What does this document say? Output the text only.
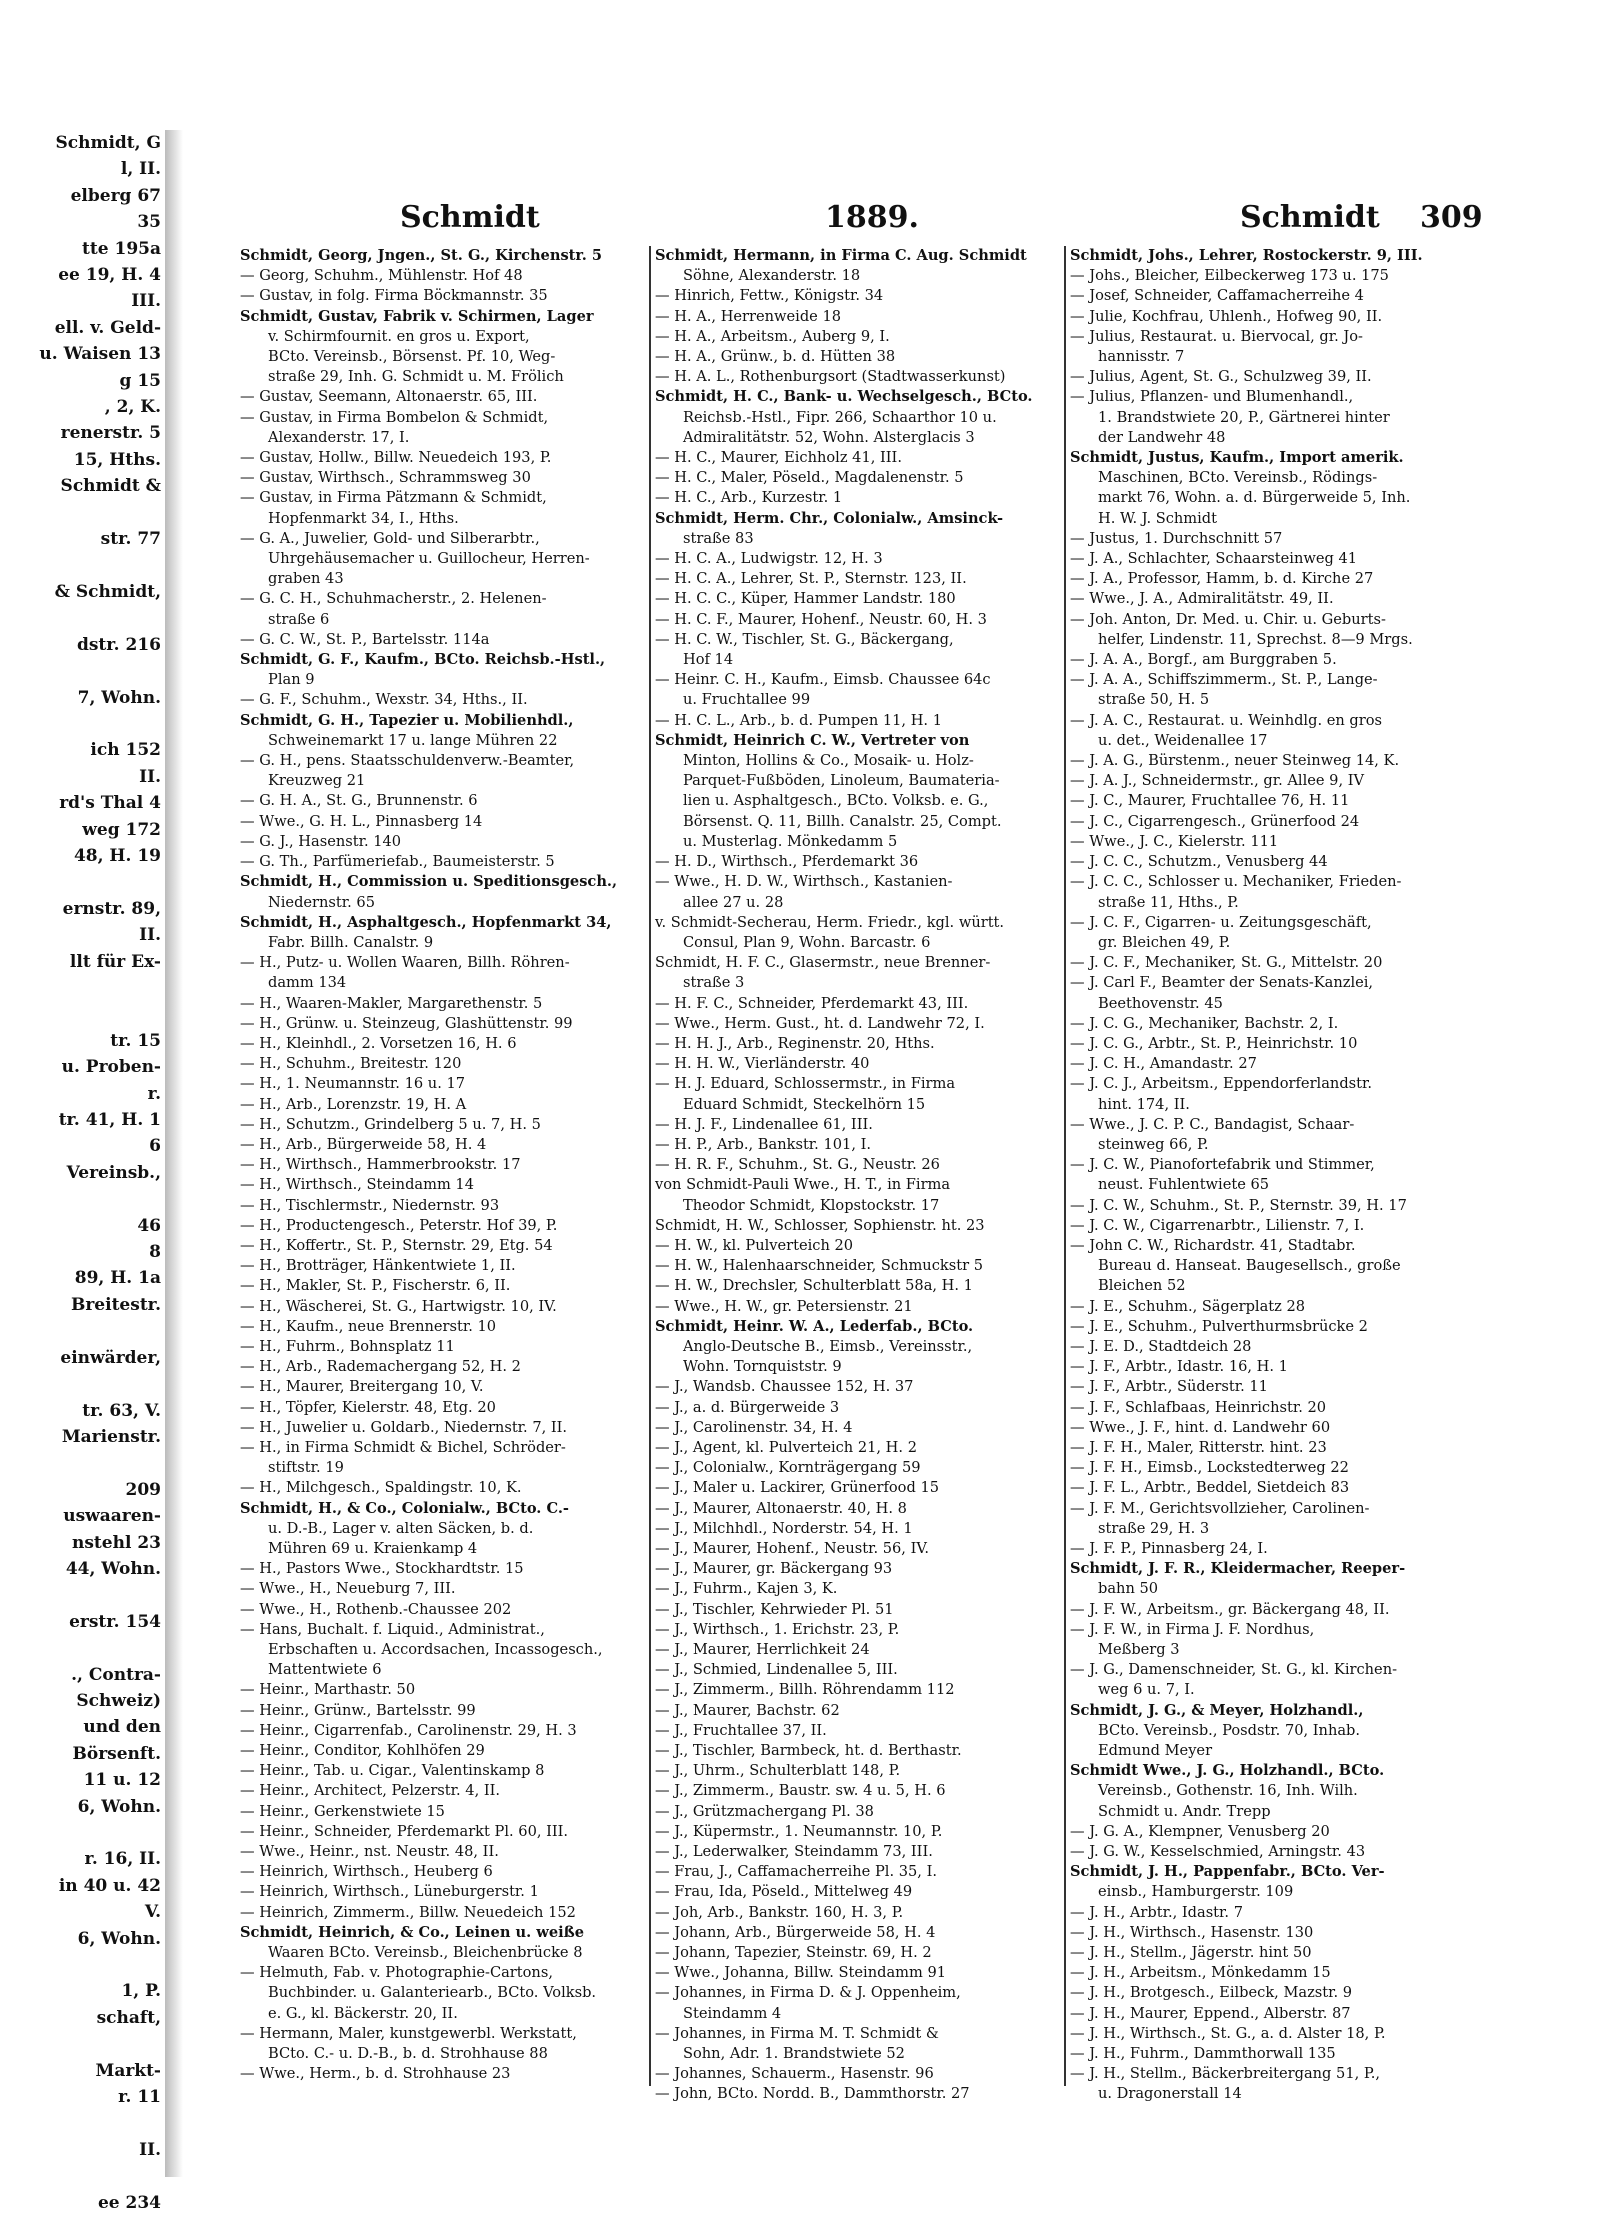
Schmidt, G
l, II.
elberg 67
35
tte 195a
ee 19, H. 4
III.
ell. v. Geld-
u. Waisen 13
g 15
, 2, K.
renerstr. 5
15, Hths.
Schmidt &

str. 77

& Schmidt,

dstr. 216

7, Wohn.

ich 152
II.
rd's Thal 4
weg 172
48, H. 19

ernstr. 89,
II.
llt für Ex-

tr. 15
u. Proben-
r.
tr. 41, H. 1
6
Vereinsb.,

46
8
89, H. 1a
Breitestr.

einwärder,

tr. 63, V.
Marienstr.

209
uswaaren-
nstehl 23
44, Wohn.

erstr. 154

., Contra-
Schweiz)
und den
Börsenft.
11 u. 12
6, Wohn.

r. 16, II.
in 40 u. 42
V.
6, Wohn.

1, P.
schaft,

Markt-
r. 11

II.

ee 234
Schmidt	1889.	Schmidt 309
Schmidt, Georg, Jngen., St. G., Kirchenstr. 5
— Georg, Schuhm., Mühlenstr. Hof 48
— Gustav, in folg. Firma Böckmannstr. 35
Schmidt, Gustav, Fabrik v. Schirmen, Lager
v. Schirmfournit. en gros u. Export,
BCto. Vereinsb., Börsenst. Pf. 10, Weg-
straße 29, Inh. G. Schmidt u. M. Frölich
— Gustav, Seemann, Altonaerstr. 65, III.
— Gustav, in Firma Bombelon & Schmidt,
Alexanderstr. 17, I.
— Gustav, Hollw., Billw. Neuedeich 193, P.
— Gustav, Wirthsch., Schrammsweg 30
— Gustav, in Firma Pätzmann & Schmidt,
Hopfenmarkt 34, I., Hths.
— G. A., Juwelier, Gold- und Silberarbtr.,
Uhrgehäusemacher u. Guillocheur, Herren-
graben 43
— G. C. H., Schuhmacherstr., 2. Helenen-
straße 6
— G. C. W., St. P., Bartelsstr. 114a
Schmidt, G. F., Kaufm., BCto. Reichsb.-Hstl.,
Plan 9
— G. F., Schuhm., Wexstr. 34, Hths., II.
Schmidt, G. H., Tapezier u. Mobilienhdl.,
Schweinemarkt 17 u. lange Mühren 22
— G. H., pens. Staatsschuldenverw.-Beamter,
Kreuzweg 21
— G. H. A., St. G., Brunnenstr. 6
— Wwe., G. H. L., Pinnasberg 14
— G. J., Hasenstr. 140
— G. Th., Parfümeriefab., Baumeisterstr. 5
Schmidt, H., Commission u. Speditionsgesch.,
Niedernstr. 65
Schmidt, H., Asphaltgesch., Hopfenmarkt 34,
Fabr. Billh. Canalstr. 9
— H., Putz- u. Wollen Waaren, Billh. Röhren-
damm 134
— H., Waaren-Makler, Margarethenstr. 5
— H., Grünw. u. Steinzeug, Glashüttenstr. 99
— H., Kleinhdl., 2. Vorsetzen 16, H. 6
— H., Schuhm., Breitestr. 120
— H., 1. Neumannstr. 16 u. 17
— H., Arb., Lorenzstr. 19, H. A
— H., Schutzm., Grindelberg 5 u. 7, H. 5
— H., Arb., Bürgerweide 58, H. 4
— H., Wirthsch., Hammerbrookstr. 17
— H., Wirthsch., Steindamm 14
— H., Tischlermstr., Niedernstr. 93
— H., Productengesch., Peterstr. Hof 39, P.
— H., Koffertr., St. P., Sternstr. 29, Etg. 54
— H., Brotträger, Hänkentwiete 1, II.
— H., Makler, St. P., Fischerstr. 6, II.
— H., Wäscherei, St. G., Hartwigstr. 10, IV.
— H., Kaufm., neue Brennerstr. 10
— H., Fuhrm., Bohnsplatz 11
— H., Arb., Rademachergang 52, H. 2
— H., Maurer, Breitergang 10, V.
— H., Töpfer, Kielerstr. 48, Etg. 20
— H., Juwelier u. Goldarb., Niedernstr. 7, II.
— H., in Firma Schmidt & Bichel, Schröder-
stiftstr. 19
— H., Milchgesch., Spaldingstr. 10, K.
Schmidt, H., & Co., Colonialw., BCto. C.-
u. D.-B., Lager v. alten Säcken, b. d.
Mühren 69 u. Kraienkamp 4
— H., Pastors Wwe., Stockhardtstr. 15
— Wwe., H., Neueburg 7, III.
— Wwe., H., Rothenb.-Chaussee 202
— Hans, Buchalt. f. Liquid., Administrat.,
Erbschaften u. Accordsachen, Incassogesch.,
Mattentwiete 6
— Heinr., Marthastr. 50
— Heinr., Grünw., Bartelsstr. 99
— Heinr., Cigarrenfab., Carolinenstr. 29, H. 3
— Heinr., Conditor, Kohlhöfen 29
— Heinr., Tab. u. Cigar., Valentinskamp 8
— Heinr., Architect, Pelzerstr. 4, II.
— Heinr., Gerkenstwiete 15
— Heinr., Schneider, Pferdemarkt Pl. 60, III.
— Wwe., Heinr., nst. Neustr. 48, II.
— Heinrich, Wirthsch., Heuberg 6
— Heinrich, Wirthsch., Lüneburgerstr. 1
— Heinrich, Zimmerm., Billw. Neuedeich 152
Schmidt, Heinrich, & Co., Leinen u. weiße
Waaren BCto. Vereinsb., Bleichenbrücke 8
— Helmuth, Fab. v. Photographie-Cartons,
Buchbinder. u. Galanteriearb., BCto. Volksb.
e. G., kl. Bäckerstr. 20, II.
— Hermann, Maler, kunstgewerbl. Werkstatt,
BCto. C.- u. D.-B., b. d. Strohhause 88
— Wwe., Herm., b. d. Strohhause 23
Schmidt, Hermann, in Firma C. Aug. Schmidt
Söhne, Alexanderstr. 18
— Hinrich, Fettw., Königstr. 34
— H. A., Herrenweide 18
— H. A., Arbeitsm., Auberg 9, I.
— H. A., Grünw., b. d. Hütten 38
— H. A. L., Rothenburgsort (Stadtwasserkunst)
Schmidt, H. C., Bank- u. Wechselgesch., BCto.
Reichsb.-Hstl., Fipr. 266, Schaarthor 10 u.
Admiralitätstr. 52, Wohn. Alsterglacis 3
— H. C., Maurer, Eichholz 41, III.
— H. C., Maler, Pöseld., Magdalenenstr. 5
— H. C., Arb., Kurzestr. 1
Schmidt, Herm. Chr., Colonialw., Amsinck-
straße 83
— H. C. A., Ludwigstr. 12, H. 3
— H. C. A., Lehrer, St. P., Sternstr. 123, II.
— H. C. C., Küper, Hammer Landstr. 180
— H. C. F., Maurer, Hohenf., Neustr. 60, H. 3
— H. C. W., Tischler, St. G., Bäckergang,
Hof 14
— Heinr. C. H., Kaufm., Eimsb. Chaussee 64c
u. Fruchtallee 99
— H. C. L., Arb., b. d. Pumpen 11, H. 1
Schmidt, Heinrich C. W., Vertreter von
Minton, Hollins & Co., Mosaik- u. Holz-
Parquet-Fußböden, Linoleum, Baumateria-
lien u. Asphaltgesch., BCto. Volksb. e. G.,
Börsenst. Q. 11, Billh. Canalstr. 25, Compt.
u. Musterlag. Mönkedamm 5
— H. D., Wirthsch., Pferdemarkt 36
— Wwe., H. D. W., Wirthsch., Kastanien-
allee 27 u. 28
v. Schmidt-Secherau, Herm. Friedr., kgl. württ.
Consul, Plan 9, Wohn. Barcastr. 6
Schmidt, H. F. C., Glasermstr., neue Brenner-
straße 3
— H. F. C., Schneider, Pferdemarkt 43, III.
— Wwe., Herm. Gust., ht. d. Landwehr 72, I.
— H. H. J., Arb., Reginenstr. 20, Hths.
— H. H. W., Vierländerstr. 40
— H. J. Eduard, Schlossermstr., in Firma
Eduard Schmidt, Steckelhörn 15
— H. J. F., Lindenallee 61, III.
— H. P., Arb., Bankstr. 101, I.
— H. R. F., Schuhm., St. G., Neustr. 26
von Schmidt-Pauli Wwe., H. T., in Firma
Theodor Schmidt, Klopstockstr. 17
Schmidt, H. W., Schlosser, Sophienstr. ht. 23
— H. W., kl. Pulverteich 20
— H. W., Halenhaarschneider, Schmuckstr 5
— H. W., Drechsler, Schulterblatt 58a, H. 1
— Wwe., H. W., gr. Petersienstr. 21
Schmidt, Heinr. W. A., Lederfab., BCto.
Anglo-Deutsche B., Eimsb., Vereinsstr.,
Wohn. Tornquiststr. 9
— J., Wandsb. Chaussee 152, H. 37
— J., a. d. Bürgerweide 3
— J., Carolinenstr. 34, H. 4
— J., Agent, kl. Pulverteich 21, H. 2
— J., Colonialw., Kornträgergang 59
— J., Maler u. Lackirer, Grünerfood 15
— J., Maurer, Altonaerstr. 40, H. 8
— J., Milchhdl., Norderstr. 54, H. 1
— J., Maurer, Hohenf., Neustr. 56, IV.
— J., Maurer, gr. Bäckergang 93
— J., Fuhrm., Kajen 3, K.
— J., Tischler, Kehrwieder Pl. 51
— J., Wirthsch., 1. Erichstr. 23, P.
— J., Maurer, Herrlichkeit 24
— J., Schmied, Lindenallee 5, III.
— J., Zimmerm., Billh. Röhrendamm 112
— J., Maurer, Bachstr. 62
— J., Fruchtallee 37, II.
— J., Tischler, Barmbeck, ht. d. Berthastr.
— J., Uhrm., Schulterblatt 148, P.
— J., Zimmerm., Baustr. sw. 4 u. 5, H. 6
— J., Grützmachergang Pl. 38
— J., Küpermstr., 1. Neumannstr. 10, P.
— J., Lederwalker, Steindamm 73, III.
— Frau, J., Caffamacherreihe Pl. 35, I.
— Frau, Ida, Pöseld., Mittelweg 49
— Joh, Arb., Bankstr. 160, H. 3, P.
— Johann, Arb., Bürgerweide 58, H. 4
— Johann, Tapezier, Steinstr. 69, H. 2
— Wwe., Johanna, Billw. Steindamm 91
— Johannes, in Firma D. & J. Oppenheim,
Steindamm 4
— Johannes, in Firma M. T. Schmidt &
Sohn, Adr. 1. Brandstwiete 52
— Johannes, Schauerm., Hasenstr. 96
— John, BCto. Nordd. B., Dammthorstr. 27
Schmidt, Johs., Lehrer, Rostockerstr. 9, III.
— Johs., Bleicher, Eilbeckerweg 173 u. 175
— Josef, Schneider, Caffamacherreihe 4
— Julie, Kochfrau, Uhlenh., Hofweg 90, II.
— Julius, Restaurat. u. Biervocal, gr. Jo-
hannisstr. 7
— Julius, Agent, St. G., Schulzweg 39, II.
— Julius, Pflanzen- und Blumenhandl.,
1. Brandstwiete 20, P., Gärtnerei hinter
der Landwehr 48
Schmidt, Justus, Kaufm., Import amerik.
Maschinen, BCto. Vereinsb., Rödings-
markt 76, Wohn. a. d. Bürgerweide 5, Inh.
H. W. J. Schmidt
— Justus, 1. Durchschnitt 57
— J. A., Schlachter, Schaarsteinweg 41
— J. A., Professor, Hamm, b. d. Kirche 27
— Wwe., J. A., Admiralitätstr. 49, II.
— Joh. Anton, Dr. Med. u. Chir. u. Geburts-
helfer, Lindenstr. 11, Sprechst. 8—9 Mrgs.
— J. A. A., Borgf., am Burggraben 5.
— J. A. A., Schiffszimmerm., St. P., Lange-
straße 50, H. 5
— J. A. C., Restaurat. u. Weinhdlg. en gros
u. det., Weidenallee 17
— J. A. G., Bürstenm., neuer Steinweg 14, K.
— J. A. J., Schneidermstr., gr. Allee 9, IV
— J. C., Maurer, Fruchtallee 76, H. 11
— J. C., Cigarrengesch., Grünerfood 24
— Wwe., J. C., Kielerstr. 111
— J. C. C., Schutzm., Venusberg 44
— J. C. C., Schlosser u. Mechaniker, Frieden-
straße 11, Hths., P.
— J. C. F., Cigarren- u. Zeitungsgeschäft,
gr. Bleichen 49, P.
— J. C. F., Mechaniker, St. G., Mittelstr. 20
— J. Carl F., Beamter der Senats-Kanzlei,
Beethovenstr. 45
— J. C. G., Mechaniker, Bachstr. 2, I.
— J. C. G., Arbtr., St. P., Heinrichstr. 10
— J. C. H., Amandastr. 27
— J. C. J., Arbeitsm., Eppendorferlandstr.
hint. 174, II.
— Wwe., J. C. P. C., Bandagist, Schaar-
steinweg 66, P.
— J. C. W., Pianofortefabrik und Stimmer,
neust. Fuhlentwiete 65
— J. C. W., Schuhm., St. P., Sternstr. 39, H. 17
— J. C. W., Cigarrenarbtr., Lilienstr. 7, I.
— John C. W., Richardstr. 41, Stadtabr.
Bureau d. Hanseat. Baugesellsch., große
Bleichen 52
— J. E., Schuhm., Sägerplatz 28
— J. E., Schuhm., Pulverthurmsbrücke 2
— J. E. D., Stadtdeich 28
— J. F., Arbtr., Idastr. 16, H. 1
— J. F., Arbtr., Süderstr. 11
— J. F., Schlafbaas, Heinrichstr. 20
— Wwe., J. F., hint. d. Landwehr 60
— J. F. H., Maler, Ritterstr. hint. 23
— J. F. H., Eimsb., Lockstedterweg 22
— J. F. L., Arbtr., Beddel, Sietdeich 83
— J. F. M., Gerichtsvollzieher, Carolinen-
straße 29, H. 3
— J. F. P., Pinnasberg 24, I.
Schmidt, J. F. R., Kleidermacher, Reeper-
bahn 50
— J. F. W., Arbeitsm., gr. Bäckergang 48, II.
— J. F. W., in Firma J. F. Nordhus,
Meßberg 3
— J. G., Damenschneider, St. G., kl. Kirchen-
weg 6 u. 7, I.
Schmidt, J. G., & Meyer, Holzhandl.,
BCto. Vereinsb., Posdstr. 70, Inhab.
Edmund Meyer
Schmidt Wwe., J. G., Holzhandl., BCto.
Vereinsb., Gothenstr. 16, Inh. Wilh.
Schmidt u. Andr. Trepp
— J. G. A., Klempner, Venusberg 20
— J. G. W., Kesselschmied, Arningstr. 43
Schmidt, J. H., Pappenfabr., BCto. Ver-
einsb., Hamburgerstr. 109
— J. H., Arbtr., Idastr. 7
— J. H., Wirthsch., Hasenstr. 130
— J. H., Stellm., Jägerstr. hint 50
— J. H., Arbeitsm., Mönkedamm 15
— J. H., Brotgesch., Eilbeck, Mazstr. 9
— J. H., Maurer, Eppend., Alberstr. 87
— J. H., Wirthsch., St. G., a. d. Alster 18, P.
— J. H., Fuhrm., Dammthorwall 135
— J. H., Stellm., Bäckerbreitergang 51, P.,
u. Dragonerstall 14
